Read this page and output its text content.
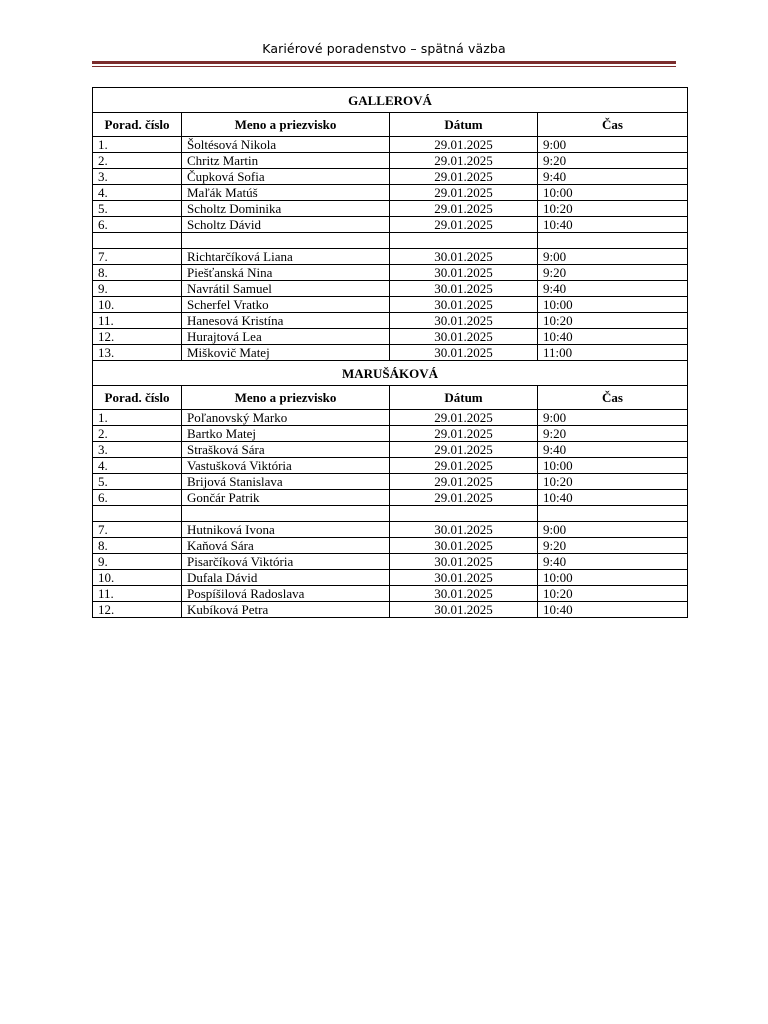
Kariérové poradenstvo – spätná väzba
GALLEROVÁ			
Porad. číslo	Meno a priezvisko	Dátum	Čas
1.	Šoltésová Nikola	29.01.2025	9:00
2.	Chritz Martin	29.01.2025	9:20
3.	Čupková Sofia	29.01.2025	9:40
4.	Maľák Matúš	29.01.2025	10:00
5.	Scholtz Dominika	29.01.2025	10:20
6.	Scholtz Dávid	29.01.2025	10:40

7.	Richtarčíková Liana	30.01.2025	9:00
8.	Piešťanská Nina	30.01.2025	9:20
9.	Navrátil Samuel	30.01.2025	9:40
10.	Scherfel Vratko	30.01.2025	10:00
11.	Hanesová Kristína	30.01.2025	10:20
12.	Hurajtová Lea	30.01.2025	10:40
13.	Miškovič Matej	30.01.2025	11:00
MARUŠÁKOVÁ			
Porad. číslo	Meno a priezvisko	Dátum	Čas
1.	Poľanovský Marko	29.01.2025	9:00
2.	Bartko Matej	29.01.2025	9:20
3.	Strašková Sára	29.01.2025	9:40
4.	Vastušková Viktória	29.01.2025	10:00
5.	Brijová Stanislava	29.01.2025	10:20
6.	Gončár Patrik	29.01.2025	10:40

7.	Hutniková Ivona	30.01.2025	9:00
8.	Kaňová Sára	30.01.2025	9:20
9.	Pisarčíková Viktória	30.01.2025	9:40
10.	Dufala Dávid	30.01.2025	10:00
11.	Pospíšilová Radoslava	30.01.2025	10:20
12.	Kubíková Petra	30.01.2025	10:40
